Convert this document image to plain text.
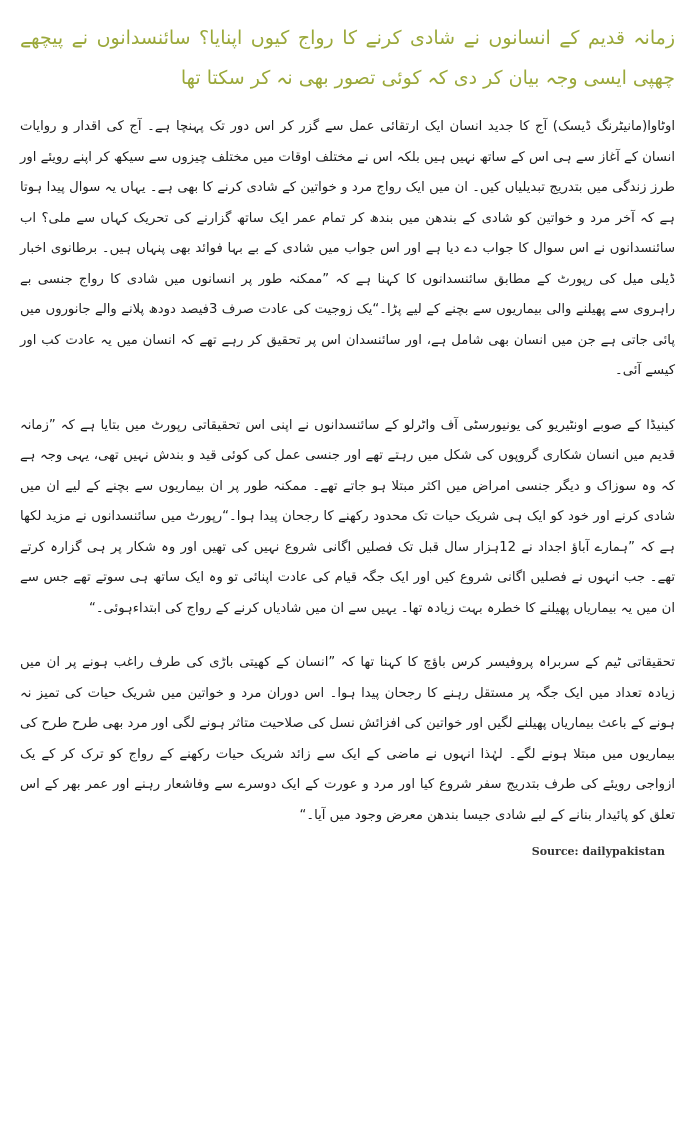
زمانہ قدیم کے انسانوں نے شادی کرنے کا رواج کیوں اپنایا؟ سائنسدانوں نے پیچھے چھپی ایسی وجہ بیان کر دی کہ کوئی تصور بھی نہ کر سکتا تھا

اوٹاوا(مانیٹرنگ ڈیسک) آج کا جدید انسان ایک ارتقائی عمل سے گزر کر اس دور تک پہنچا ہے۔ آج کی اقدار و روایات انسان کے آغاز سے ہی اس کے ساتھ نہیں ہیں بلکہ اس نے مختلف اوقات میں مختلف چیزوں سے سیکھ کر اپنے رویئے اور طرز زندگی میں بتدریج تبدیلیاں کیں۔ ان میں ایک رواج مرد و خواتین کے شادی کرنے کا بھی ہے۔ یہاں یہ سوال پیدا ہوتا ہے کہ آخر مرد و خواتین کو شادی کے بندھن میں بندھ کر تمام عمر ایک ساتھ گزارنے کی تحریک کہاں سے ملی؟ اب سائنسدانوں نے اس سوال کا جواب دے دیا ہے اور اس جواب میں شادی کے بے بہا فوائد بھی پنہاں ہیں۔ برطانوی اخبار ڈیلی میل کی رپورٹ کے مطابق سائنسدانوں کا کہنا ہے کہ ”ممکنہ طور پر انسانوں میں شادی کا رواج جنسی بے راہروی سے پھیلنے والی بیماریوں سے بچنے کے لیے پڑا۔“یک زوجیت کی عادت صرف 3فیصد دودھ پلانے والے جانوروں میں پائی جاتی ہے جن میں انسان بھی شامل ہے، اور سائنسدان اس پر تحقیق کر رہے تھے کہ انسان میں یہ عادت کب اور کیسے آئی۔

کینیڈا کے صوبے اونٹیریو کی یونیورسٹی آف واٹرلو کے سائنسدانوں نے اپنی اس تحقیقاتی رپورٹ میں بتایا ہے کہ ”زمانہ قدیم میں انسان شکاری گروپوں کی شکل میں رہتے تھے اور جنسی عمل کی کوئی قید و بندش نہیں تھی، یہی وجہ ہے کہ وہ سوزاک و دیگر جنسی امراض میں اکثر مبتلا ہو جاتے تھے۔ ممکنہ طور پر ان بیماریوں سے بچنے کے لیے ان میں شادی کرنے اور خود کو ایک ہی شریک حیات تک محدود رکھنے کا رجحان پیدا ہوا۔“رپورٹ میں سائنسدانوں نے مزید لکھا ہے کہ ”ہمارے آباؤ اجداد نے 12ہزار سال قبل تک فصلیں اگانی شروع نہیں کی تھیں اور وہ شکار پر ہی گزارہ کرتے تھے۔ جب انہوں نے فصلیں اگانی شروع کیں اور ایک جگہ قیام کی عادت اپنائی تو وہ ایک ساتھ ہی سوتے تھے جس سے ان میں یہ بیماریاں پھیلنے کا خطرہ بہت زیادہ تھا۔ یہیں سے ان میں شادیاں کرنے کے رواج کی ابتداءہوئی۔“

تحقیقاتی ٹیم کے سربراہ پروفیسر کرس باؤچ کا کہنا تھا کہ ”انسان کے کھیتی باڑی کی طرف راغب ہونے پر ان میں زیادہ تعداد میں ایک جگہ پر مستقل رہنے کا رجحان پیدا ہوا۔ اس دوران مرد و خواتین میں شریک حیات کی تمیز نہ ہونے کے باعث بیماریاں پھیلنے لگیں اور خواتین کی افزائش نسل کی صلاحیت متاثر ہونے لگی اور مرد بھی طرح طرح کی بیماریوں میں مبتلا ہونے لگے۔ لہٰذا انہوں نے ماضی کے ایک سے زائد شریک حیات رکھنے کے رواج کو ترک کر کے یک ازواجی رویئے کی طرف بتدریج سفر شروع کیا اور مرد و عورت کے ایک دوسرے سے وفاشعار رہنے اور عمر بھر کے اس تعلق کو پائیدار بنانے کے لیے شادی جیسا بندھن معرض وجود میں آیا۔“

Source: dailypakistan
